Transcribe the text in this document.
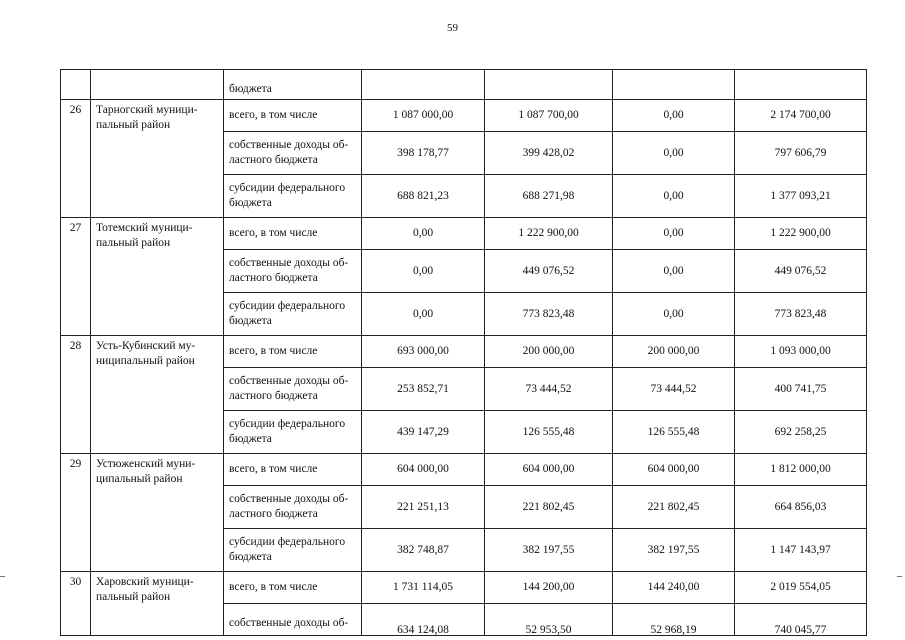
59
		бюджета				
26	Тарногский муници-пальный район	всего, в том числе	1 087 000,00	1 087 700,00	0,00	2 174 700,00
		собственные доходы об-ластного бюджета	398 178,77	399 428,02	0,00	797 606,79
		субсидии федерального бюджета	688 821,23	688 271,98	0,00	1 377 093,21
27	Тотемский муници-пальный район	всего, в том числе	0,00	1 222 900,00	0,00	1 222 900,00
		собственные доходы об-ластного бюджета	0,00	449 076,52	0,00	449 076,52
		субсидии федерального бюджета	0,00	773 823,48	0,00	773 823,48
28	Усть-Кубинский му-ниципальный район	всего, в том числе	693 000,00	200 000,00	200 000,00	1 093 000,00
		собственные доходы об-ластного бюджета	253 852,71	73 444,52	73 444,52	400 741,75
		субсидии федерального бюджета	439 147,29	126 555,48	126 555,48	692 258,25
29	Устюженский муни-ципальный район	всего, в том числе	604 000,00	604 000,00	604 000,00	1 812 000,00
		собственные доходы об-ластного бюджета	221 251,13	221 802,45	221 802,45	664 856,03
		субсидии федерального бюджета	382 748,87	382 197,55	382 197,55	1 147 143,97
30	Харовский муници-пальный район	всего, в том числе	1 731 114,05	144 200,00	144 240,00	2 019 554,05
		собственные доходы об-	634 124,08	52 953,50	52 968,19	740 045,77
